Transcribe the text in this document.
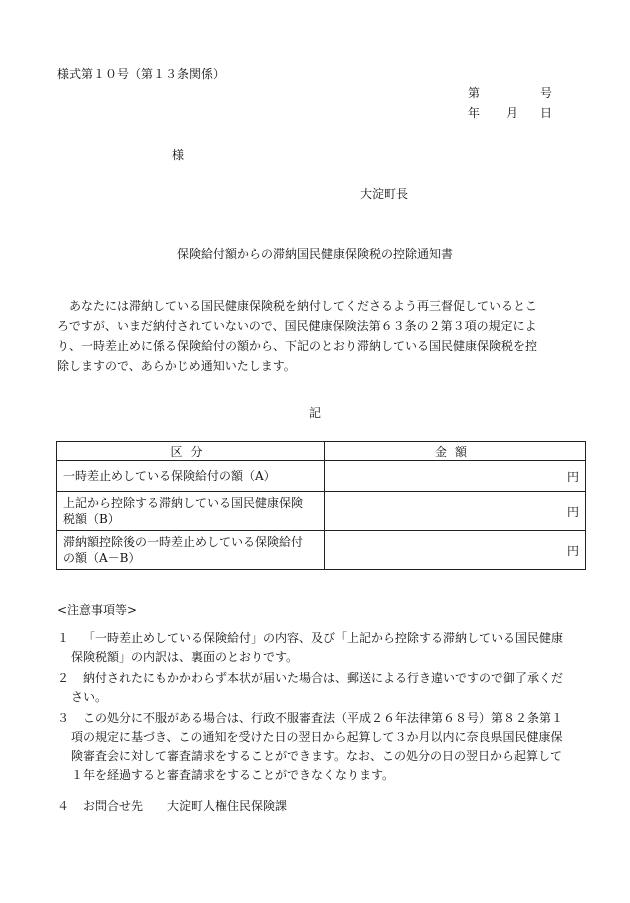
様式第１０号（第１３条関係）
第	号
年 月 日
様
大淀町長
保険給付額からの滞納国民健康保険税の控除通知書
　あなたには滞納している国民健康保険税を納付してくださるよう再三督促しているとこ
ろですが、いまだ納付されていないので、国民健康保険法第６３条の２第３項の規定によ
り、一時差止めに係る保険給付の額から、下記のとおり滞納している国民健康保険税を控
除しますので、あらかじめ通知いたします。
記
区分	金額

一時差止めしている保険給付の額（A）	円

上記から控除する滞納している国民健康保険
税額（B）	円

滞納額控除後の一時差止めしている保険給付
の額（A－B）	円
<注意事項等>
１	「一時差止めしている保険給付」の内容、及び「上記から控除する滞納している国民健康
保険税額」の内訳は、裏面のとおりです。
２	納付されたにもかかわらず本状が届いた場合は、郵送による行き違いですので御了承くだ
さい。
３	この処分に不服がある場合は、行政不服審査法（平成２６年法律第６８号）第８２条第１
項の規定に基づき、この通知を受けた日の翌日から起算して３か月以内に奈良県国民健康保
険審査会に対して審査請求をすることができます。なお、この処分の日の翌日から起算して
１年を経過すると審査請求をすることができなくなります。
４	お問合せ先　　大淀町人権住民保険課
